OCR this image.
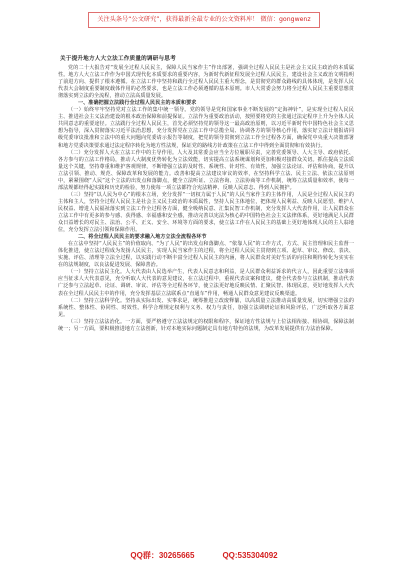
关注头条号“公文研究”，获得最新全最专业的公文资料库！ 微信：gongwenz
关于提升地方人大立法工作质量的调研与思考

党的二十大报告对“发展全过程人民民主，保障人民当家作主”作出部署，强调全过程人民民主是社会主义民主政治的本质属性。地方人大立法工作作为中国式现代化本质要求的重要内容，为新时代新征程发展全过程人民民主，建设社会主义政治文明指明了前进方向、提供了根本遵循。在立法工作中坚持和践行全过程人民民主重大理念，是贯彻党的群众路线的具体体现，是发挥人民代表大会制度重要制度载体作用的必然要求，也是立法工作必须遵循的基本原则。市人大常委会努力将全过程人民民主重要思想贯彻落实到立法的全流程，推动立法高质量发展。

一、准确把握立法践行全过程人民民主的本质和要求

（一）始终牢牢坚持党对立法工作的集中统一领导。党的领导是党和国家事业不断发展的“定海神针”，是实现全过程人民民主、推进社会主义法治建设的根本政治保障和前提保证。立法作为重要政治活动，按照要将党的主张通过法定程序上升为全体人民共同意志的重要途径。立法践行全过程人民民主，首先必须坚持党的领导这一最高政治原则，以习近平新时代中国特色社会主义思想为指导，深入贯彻落实习近平法治思想，充分发挥党在立法工作中总揽全局、协调各方的领导核心作用，落实好立法计划报请同级党委审议批准和立法中的重大问题向党委请示报告等制度，把党的领导贯彻到立法工作全过程各方面，确保党中央重大决策部署和地方党委决策要求通过法定程序转化为地方性法规，保证党的路线方针政策在立法工作中得到全面贯彻和有效执行。

（二）充分发挥人大在立法工作中的主导作用。人大及其常委会应当全方位履职尽责，完善党委领导、人大主导、政府依托、各方参与的立法工作格局，推动人大制度优势转化为立法效能，切实提高立法系统谋划和更加积极对接群众关切。抓住提高立法质量这个关键，坚持尊重和维护客观规律，不断增强立法的及时性、系统性、针对性、有效性，加强立法论证、评估和协商，提升以立法引领、推动、规范、保障改革和发展的能力。改善和提高立法建议审议的效率，在坚持科学立法、民主立法、依法立法原则中，紧紧围绕“人民”这个立法的出发点和落脚点，健全立法听证、立法咨询、立法协商等工作机制，统筹立法质量和效率，使每一部法规都经得起实践和历史的检验，努力使每一项立法都符合宪法精神、反映人民意志、得到人民拥护。

（三）坚持“以人民为中心”的根本立场，充分发挥“一切权力属于人民”的人民当家作主的主体作用，人民是全过程人民民主的主体和主人，坚持全过程人民民主是社会主义民主政治的本质属性，坚持人民主体地位，把体现人民利益、反映人民愿望、维护人民权益、增进人民福祉落实到立法工作全过程各方面，健全吸纳民意、汇集民智工作机制，充分发挥人大代表作用，让人民群众在立法工作中有更多的参与感、获得感、幸福感和安全感，推动完善以宪法为核心的中国特色社会主义法律体系，更好地满足人民群众日益增长的对民主、法治、公平、正义、安全、环境等方面的要求，使立法工作在人民民主的基础上更好地体现人民的主人翁地位，充分发挥立法引领和保障作用。

二、将全过程人民民主的要求融入地方立法全流程各环节

在立法中坚持“人民民主”的价值取向、“为了人民”的出发点和落脚点、“依靠人民”的工作方式，方式、民主管理和民主监督一体化推进，使立法过程成为发扬人民民主，实现人民当家作主的过程，将全过程人民民主贯彻到立项、起草、审议、修改、表决、实施、评估、清理等立法全过程，以实践行动不断丰富全过程人民民主的内涵，将人民群众对美好生活的向往和期待转化为实实在在的法规制度，以良法促进发展、保障善治。

（一）坚持立法民主化。人大代表由人民选举产生，代表人民意志和利益，是人民群众利益诉求的代言人，因此重要立法事项应当征求人大代表意见，充分听取人大代表的意见建议，在立法过程中，重视代表议案和建议，健全代表参与立法机制，推动代表广泛参与立法起草、论证、调研、审议、评估等全过程各环节，使立法更好地反映民情、汇聚民智、体现民意，更好地发挥人大代表在全过程人民民主中的作用，充分发挥基层立法联系点“直通车”作用，畅通人民群众意见建议反映渠道。

（二）坚持立法科学化。坚持从实际出发、实事求是，统筹推进立改废释纂，以高质量立法推动高质量发展，切实增强立法的系统性、整体性、协同性、时效性。科学合理规定权利与义务、权力与责任，加强立法调研论证和风险评估，广泛听取各方面意见。

（三）坚持立法法治化。一方面，要严格遵守立法法规定的权限和程序，保证地方性法规与上位法相衔接、相协调，保障法制统一；另一方面，要积极推进地方立法创新，针对本地实际问题制定具有地方特色的法规，为改革发展提供有力法治保障。

QQ群：30265665	QQ:535304092
